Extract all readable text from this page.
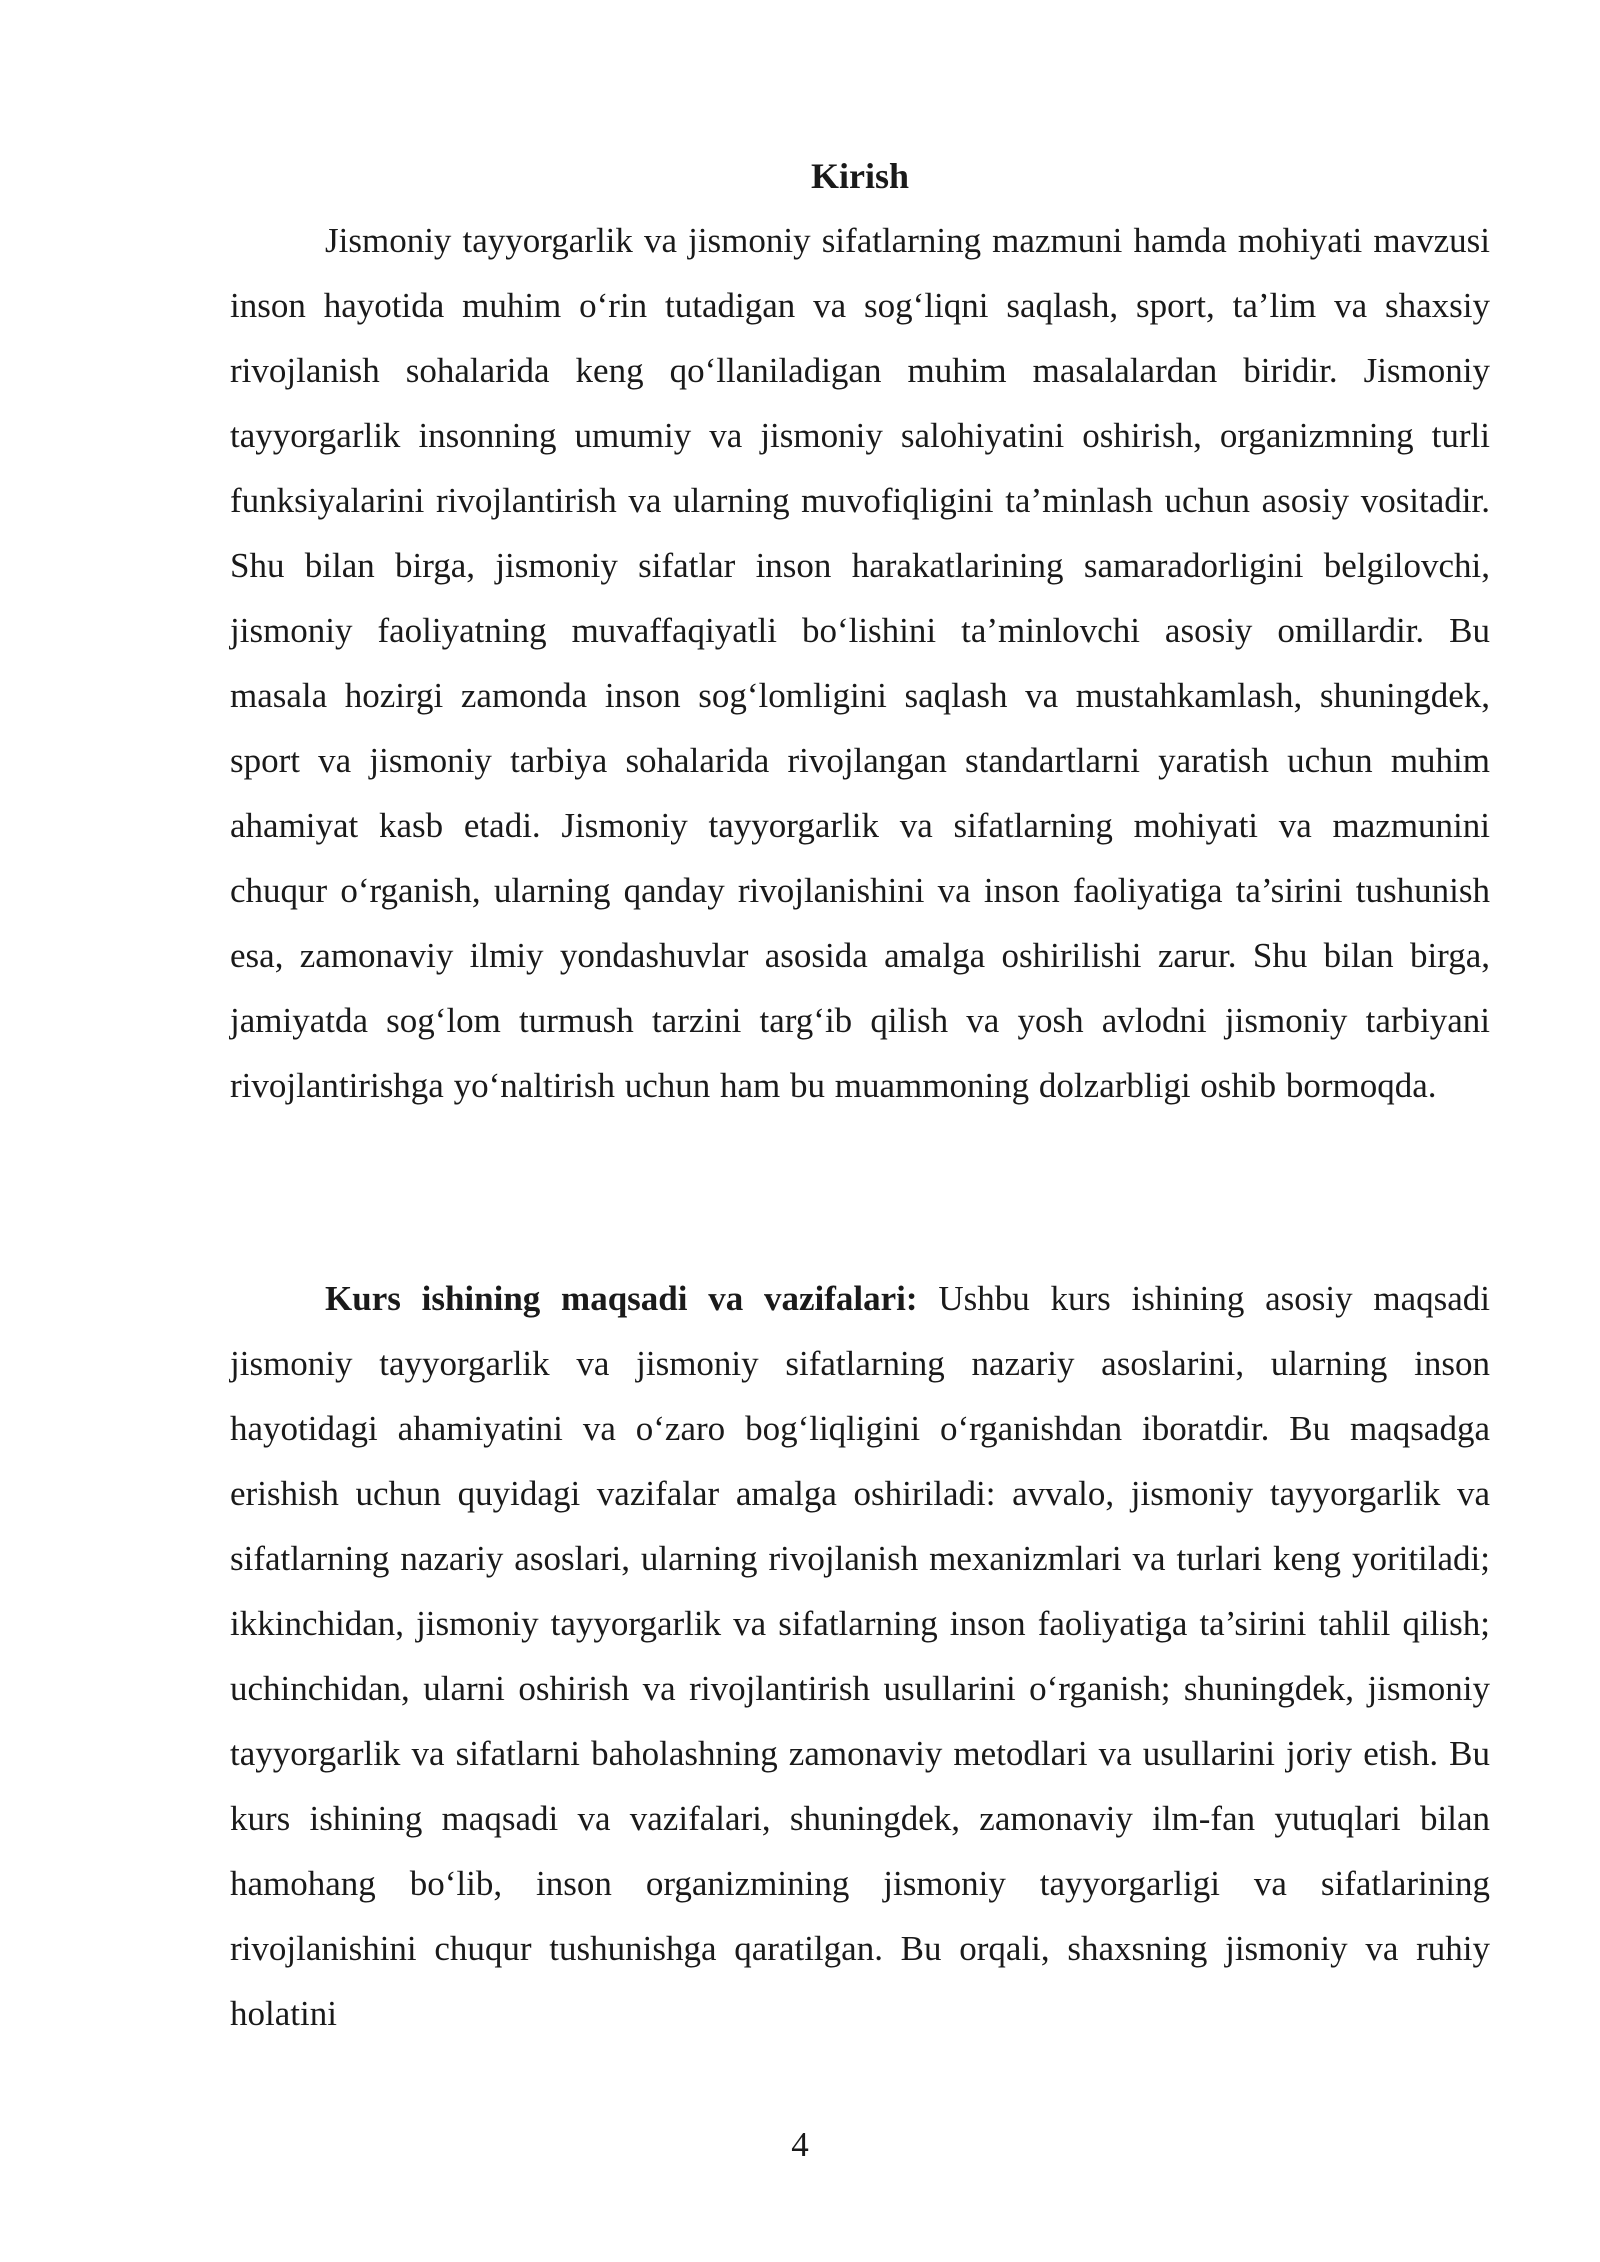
Kirish

Jismoniy tayyorgarlik va jismoniy sifatlarning mazmuni hamda mohiyati mavzusi inson hayotida muhim o‘rin tutadigan va sog‘liqni saqlash, sport, ta’lim va shaxsiy rivojlanish sohalarida keng qo‘llaniladigan muhim masalalardan biridir. Jismoniy tayyorgarlik insonning umumiy va jismoniy salohiyatini oshirish, organizmning turli funksiyalarini rivojlantirish va ularning muvofiqligini ta’minlash uchun asosiy vositadir. Shu bilan birga, jismoniy sifatlar inson harakatlarining samaradorligini belgilovchi, jismoniy faoliyatning muvaffaqiyatli bo‘lishini ta’minlovchi asosiy omillardir. Bu masala hozirgi zamonda inson sog‘lomligini saqlash va mustahkamlash, shuningdek, sport va jismoniy tarbiya sohalarida rivojlangan standartlarni yaratish uchun muhim ahamiyat kasb etadi. Jismoniy tayyorgarlik va sifatlarning mohiyati va mazmunini chuqur o‘rganish, ularning qanday rivojlanishini va inson faoliyatiga ta’sirini tushunish esa, zamonaviy ilmiy yondashuvlar asosida amalga oshirilishi zarur. Shu bilan birga, jamiyatda sog‘lom turmush tarzini targ‘ib qilish va yosh avlodni jismoniy tarbiyani rivojlantirishga yo‘naltirish uchun ham bu muammoning dolzarbligi oshib bormoqda.

Kurs ishining maqsadi va vazifalari: Ushbu kurs ishining asosiy maqsadi jismoniy tayyorgarlik va jismoniy sifatlarning nazariy asoslarini, ularning inson hayotidagi ahamiyatini va o‘zaro bog‘liqligini o‘rganishdan iboratdir. Bu maqsadga erishish uchun quyidagi vazifalar amalga oshiriladi: avvalo, jismoniy tayyorgarlik va sifatlarning nazariy asoslari, ularning rivojlanish mexanizmlari va turlari keng yoritiladi; ikkinchidan, jismoniy tayyorgarlik va sifatlarning inson faoliyatiga ta’sirini tahlil qilish; uchinchidan, ularni oshirish va rivojlantirish usullarini o‘rganish; shuningdek, jismoniy tayyorgarlik va sifatlarni baholashning zamonaviy metodlari va usullarini joriy etish. Bu kurs ishining maqsadi va vazifalari, shuningdek, zamonaviy ilm-fan yutuqlari bilan hamohang bo‘lib, inson organizmining jismoniy tayyorgarligi va sifatlarining rivojlanishini chuqur tushunishga qaratilgan. Bu orqali, shaxsning jismoniy va ruhiy holatini

4
